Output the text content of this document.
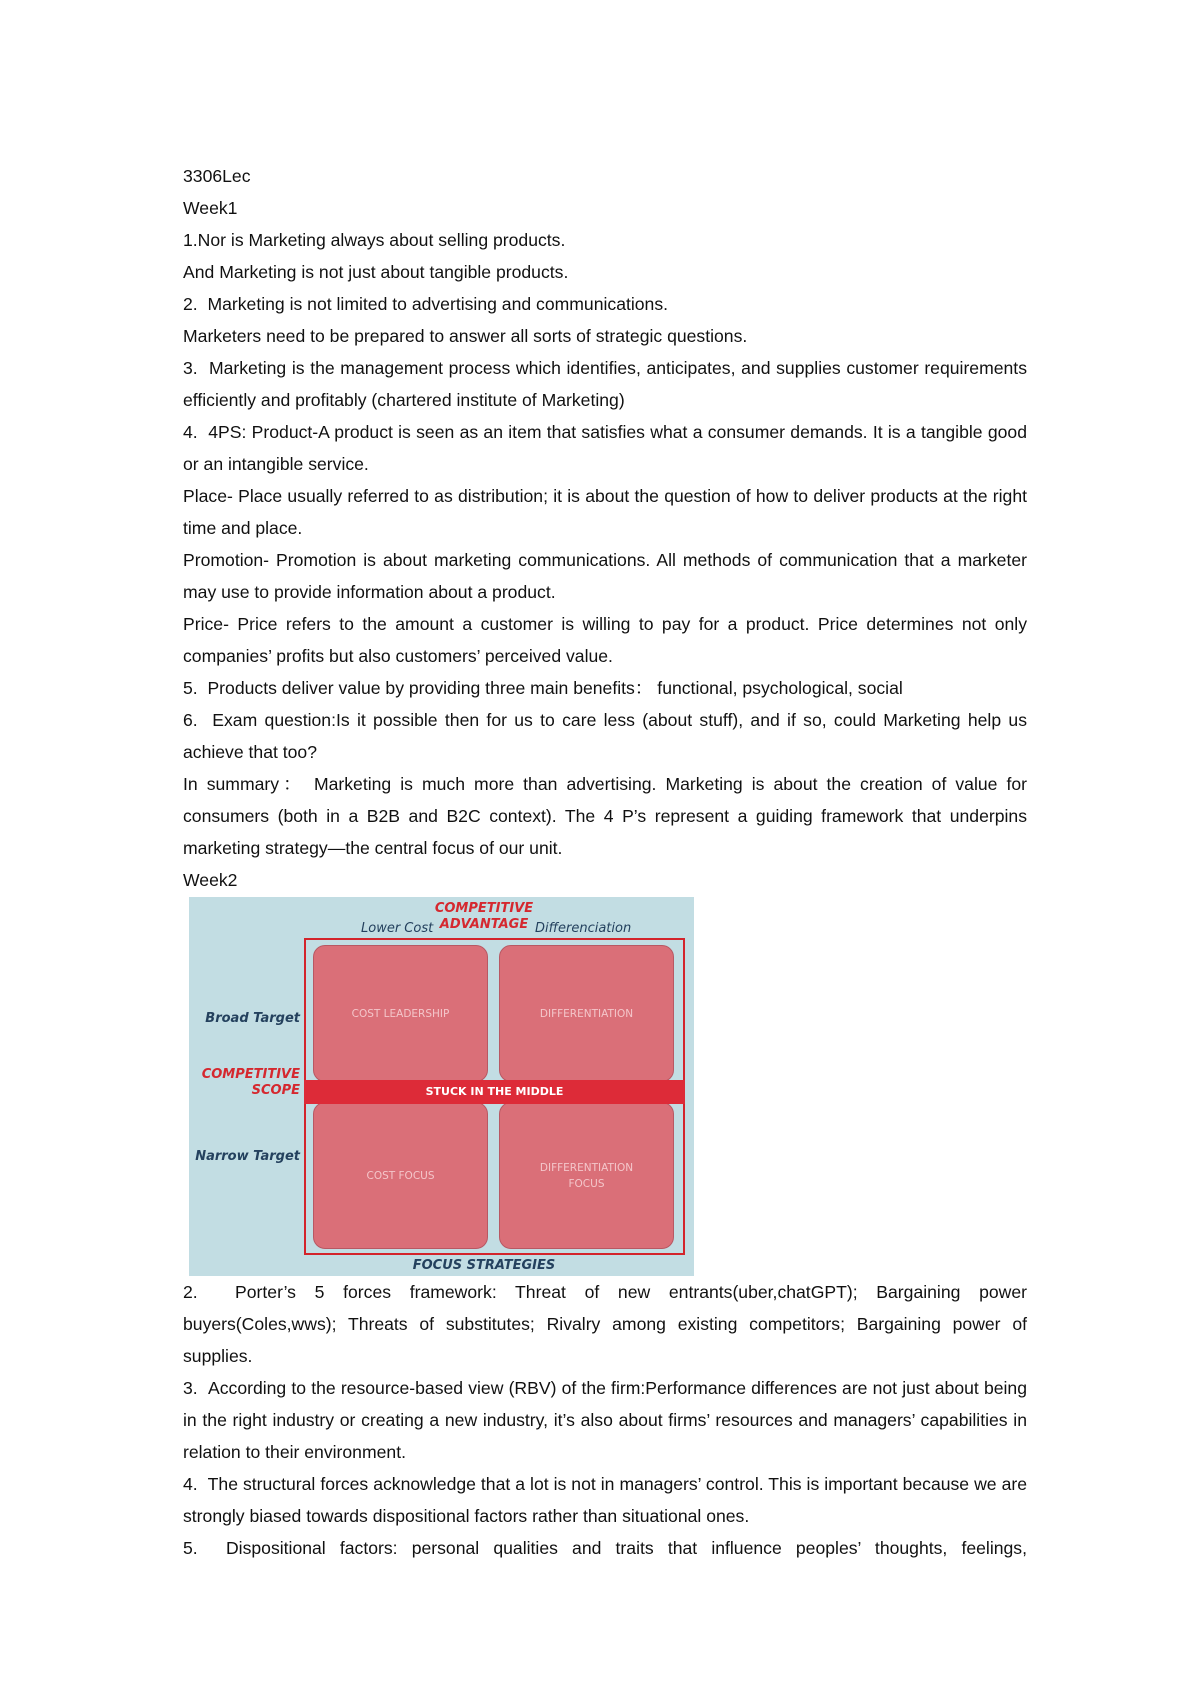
3306Lec

Week1

1.Nor is Marketing always about selling products.

And Marketing is not just about tangible products.

2.  Marketing is not limited to advertising and communications.

Marketers need to be prepared to answer all sorts of strategic questions.

3.  Marketing is the management process which identifies, anticipates, and supplies customer requirements efficiently and profitably (chartered institute of Marketing)

4.  4PS: Product-A product is seen as an item that satisfies what a consumer demands. It is a tangible good or an intangible service.

Place- Place usually referred to as distribution; it is about the question of how to deliver products at the right time and place.

Promotion- Promotion is about marketing communications. All methods of communication that a marketer may use to provide information about a product.

Price- Price refers to the amount a customer is willing to pay for a product. Price determines not only companies’ profits but also customers’ perceived value.

5.  Products deliver value by providing three main benefits： functional, psychological, social

6.  Exam question:Is it possible then for us to care less (about stuff), and if so, could Marketing help us achieve that too?

In summary： Marketing is much more than advertising. Marketing is about the creation of value for consumers (both in a B2B and B2C context). The 4 P’s represent a guiding framework that underpins marketing strategy—the central focus of our unit.

Week2

COMPETITIVE ADVANTAGE
Lower Cost	Differenciation
COST LEADERSHIP	DIFFERENTIATION
COST FOCUS
DIFFERENTIATION
FOCUS
STUCK IN THE MIDDLE
Broad Target
COMPETITIVE
SCOPE
Narrow Target
FOCUS STRATEGIES

2.  Porter’s 5 forces framework: Threat of new entrants(uber,chatGPT); Bargaining power buyers(Coles,wws); Threats of substitutes; Rivalry among existing competitors; Bargaining power of supplies.

3.  According to the resource-based view (RBV) of the firm:Performance differences are not just about being in the right industry or creating a new industry, it’s also about firms’ resources and managers’ capabilities in relation to their environment.

4.  The structural forces acknowledge that a lot is not in managers’ control. This is important because we are strongly biased towards dispositional factors rather than situational ones.

5.  Dispositional factors: personal qualities and traits that influence peoples’ thoughts, feelings,
